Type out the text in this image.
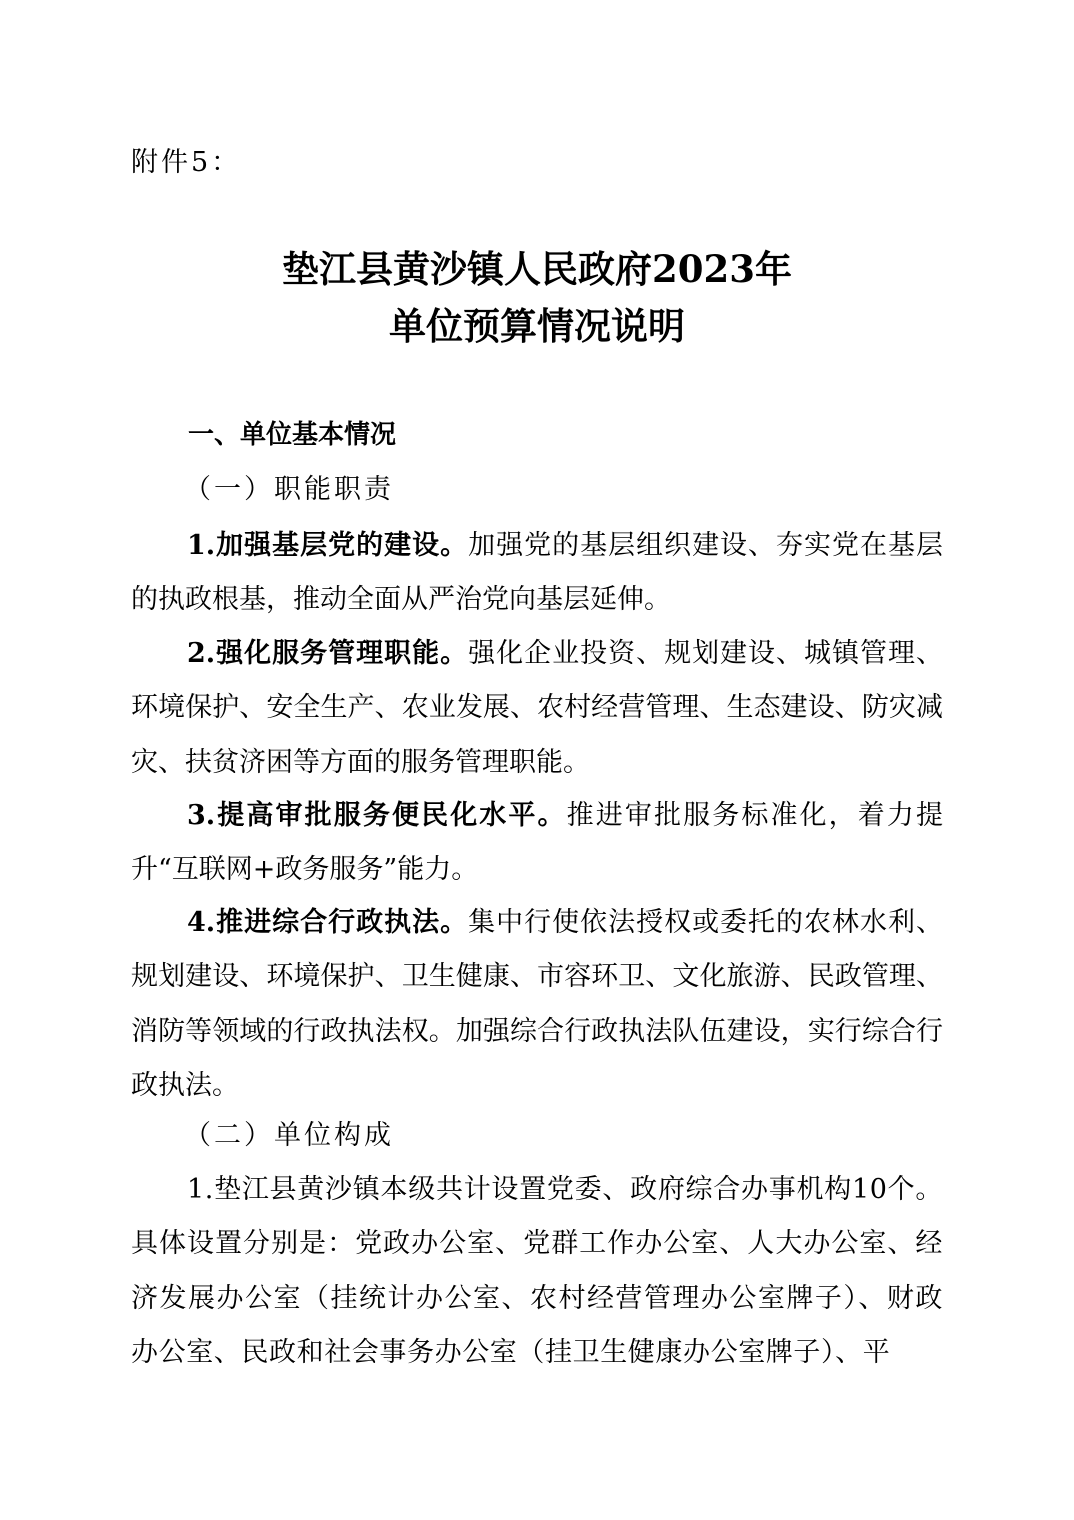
附件5：
垫江县黄沙镇人民政府2023年
单位预算情况说明
一、单位基本情况
（一）职能职责
1.加强基层党的建设。加强党的基层组织建设、夯实党在基层的执政根基，推动全面从严治党向基层延伸。
2.强化服务管理职能。强化企业投资、规划建设、城镇管理、环境保护、安全生产、农业发展、农村经营管理、生态建设、防灾减灾、扶贫济困等方面的服务管理职能。
3.提高审批服务便民化水平。推进审批服务标准化，着力提升“互联网+政务服务”能力。
4.推进综合行政执法。集中行使依法授权或委托的农林水利、规划建设、环境保护、卫生健康、市容环卫、文化旅游、民政管理、消防等领域的行政执法权。加强综合行政执法队伍建设，实行综合行政执法。
（二）单位构成
1.垫江县黄沙镇本级共计设置党委、政府综合办事机构10个。具体设置分别是：党政办公室、党群工作办公室、人大办公室、经济发展办公室（挂统计办公室、农村经营管理办公室牌子）、财政办公室、民政和社会事务办公室（挂卫生健康办公室牌子）、平
